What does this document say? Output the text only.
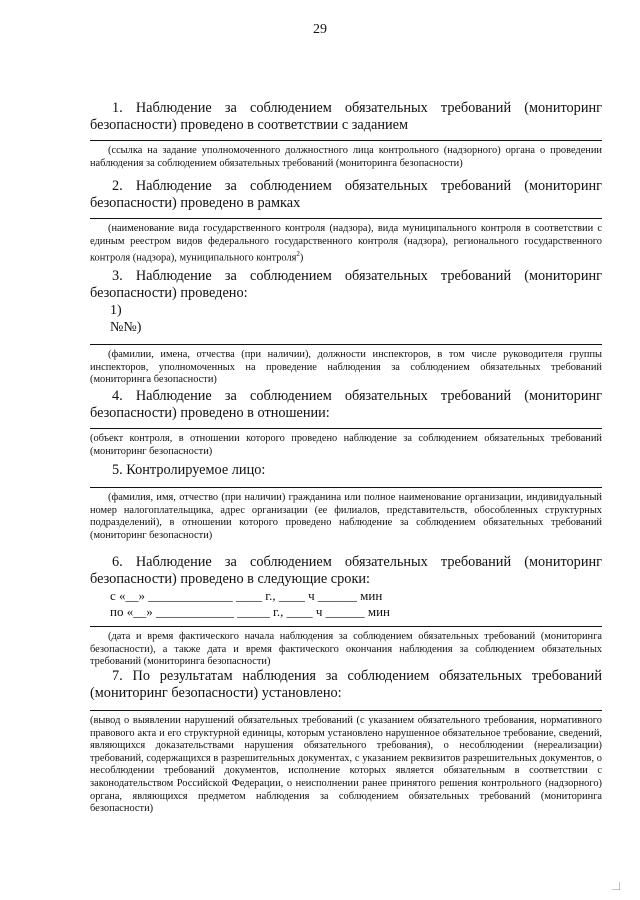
29

1. Наблюдение за соблюдением обязательных требований (мониторинг безопасности) проведено в соответствии с заданием

(ссылка на задание уполномоченного должностного лица контрольного (надзорного) органа о проведении наблюдения за соблюдением обязательных требований (мониторинга безопасности)

2. Наблюдение за соблюдением обязательных требований (мониторинг безопасности) проведено в рамках

(наименование вида государственного контроля (надзора), вида муниципального контроля в соответствии с единым реестром видов федерального государственного контроля (надзора), регионального государственного контроля (надзора), муниципального контроля$^2$)

3. Наблюдение за соблюдением обязательных требований (мониторинг безопасности) проведено:

1)
№№)

(фамилии, имена, отчества (при наличии), должности инспекторов, в том числе руководителя группы инспекторов, уполномоченных на проведение наблюдения за соблюдением обязательных требований (мониторинга безопасности)

4. Наблюдение за соблюдением обязательных требований (мониторинг безопасности) проведено в отношении:

(объект контроля, в отношении которого проведено наблюдение за соблюдением обязательных требований (мониторинг безопасности)

5. Контролируемое лицо:

(фамилия, имя, отчество (при наличии) гражданина или полное наименование организации, индивидуальный номер налогоплательщика, адрес организации (ее филиалов, представительств, обособленных структурных подразделений), в отношении которого проведено наблюдение за соблюдением обязательных требований (мониторинг безопасности)

6. Наблюдение за соблюдением обязательных требований (мониторинг безопасности) проведено в следующие сроки:

с «__» _____________ ____ г., ____ ч ______ мин
по «__» ____________ _____ г., ____ ч ______ мин

(дата и время фактического начала наблюдения за соблюдением обязательных требований (мониторинга безопасности), а также дата и время фактического окончания наблюдения за соблюдением обязательных требований (мониторинга безопасности)

7. По результатам наблюдения за соблюдением обязательных требований (мониторинг безопасности) установлено:

(вывод о выявлении нарушений обязательных требований (с указанием обязательного требования, нормативного правового акта и его структурной единицы, которым установлено нарушенное обязательное требование, сведений, являющихся доказательствами нарушения обязательного требования), о несоблюдении (нереализации) требований, содержащихся в разрешительных документах, с указанием реквизитов разрешительных документов, о несоблюдении требований документов, исполнение которых является обязательным в соответствии с законодательством Российской Федерации, о неисполнении ранее принятого решения контрольного (надзорного) органа, являющихся предметом наблюдения за соблюдением обязательных требований (мониторинга безопасности)
